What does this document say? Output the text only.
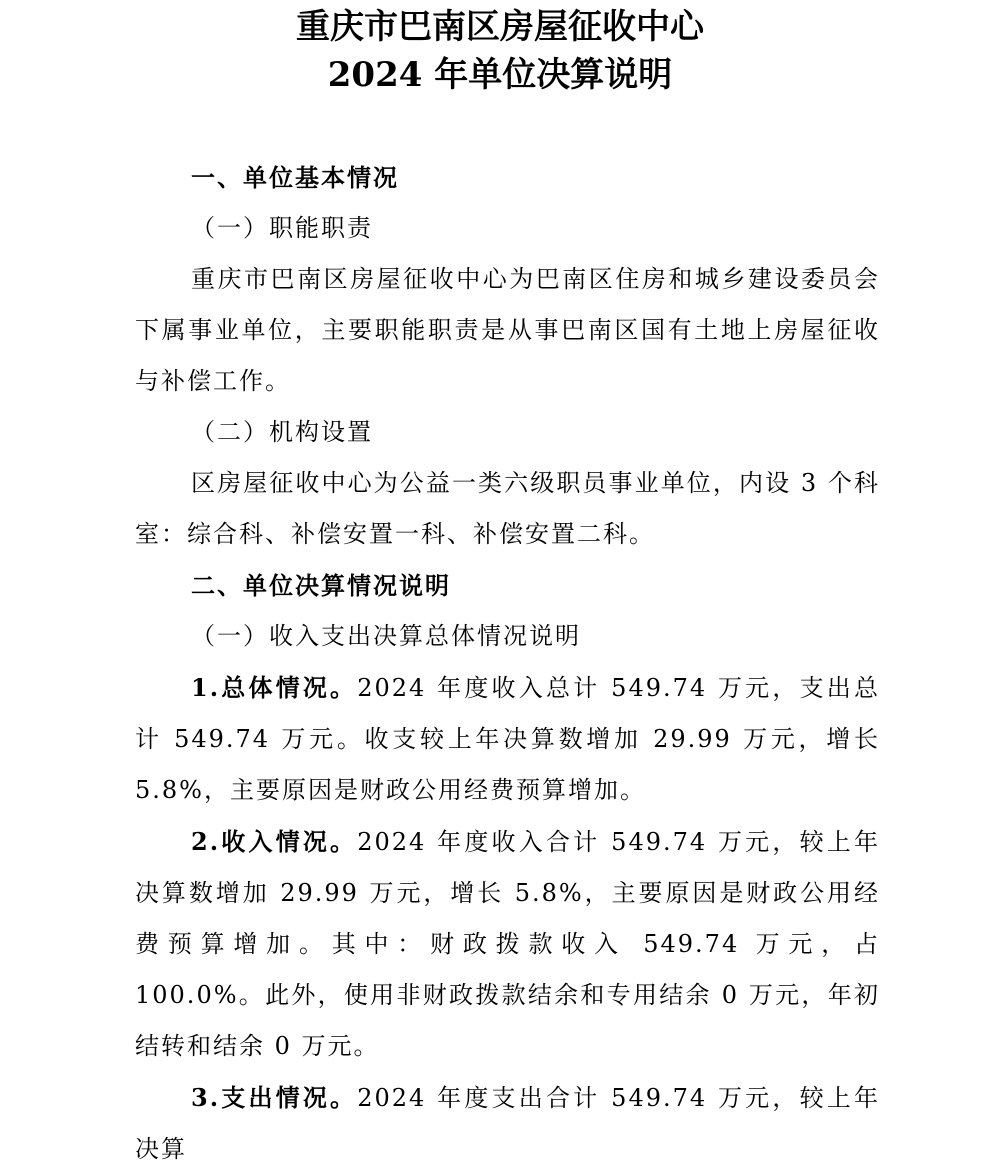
重庆市巴南区房屋征收中心
2024 年单位决算说明

一、单位基本情况

（一）职能职责

重庆市巴南区房屋征收中心为巴南区住房和城乡建设委员会下属事业单位，主要职能职责是从事巴南区国有土地上房屋征收与补偿工作。

（二）机构设置

区房屋征收中心为公益一类六级职员事业单位，内设 3 个科室：综合科、补偿安置一科、补偿安置二科。

二、单位决算情况说明

（一）收入支出决算总体情况说明

1.总体情况。2024 年度收入总计 549.74 万元，支出总计 549.74 万元。收支较上年决算数增加 29.99 万元，增长 5.8%，主要原因是财政公用经费预算增加。

2.收入情况。2024 年度收入合计 549.74 万元，较上年决算数增加 29.99 万元，增长 5.8%，主要原因是财政公用经费预算增加。其中：财政拨款收入 549.74 万元，占 100.0%。此外，使用非财政拨款结余和专用结余 0 万元，年初结转和结余 0 万元。

3.支出情况。2024 年度支出合计 549.74 万元，较上年决算
